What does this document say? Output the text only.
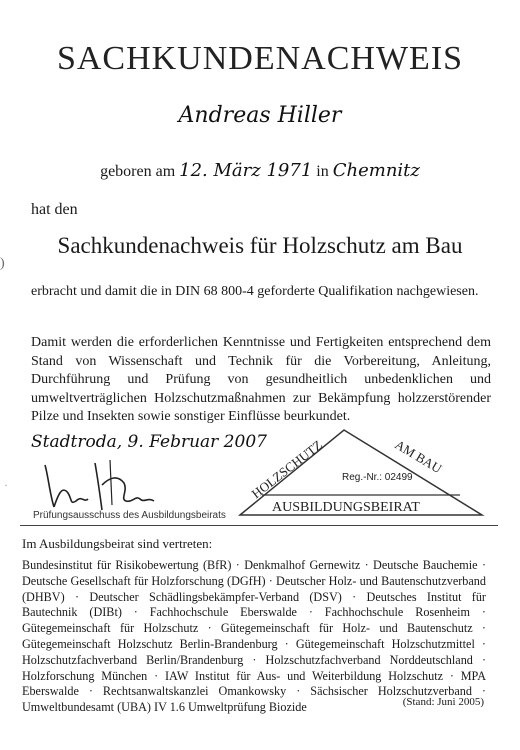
SACHKUNDENACHWEIS
Andreas Hiller
geboren am 12. März 1971 in Chemnitz
hat den
)
Sachkundenachweis für Holzschutz am Bau
erbracht und damit die in DIN 68 800-4 geforderte Qualifikation nachgewiesen.
Damit werden die erforderlichen Kenntnisse und Fertigkeiten entsprechend dem Stand von Wissenschaft und Technik für die Vorbereitung, Anleitung, Durchführung und Prüfung von gesundheitlich unbedenklichen und umweltverträglichen Holzschutzmaßnahmen zur Bekämpfung holzzerstörender Pilze und Insekten sowie sonstiger Einflüsse beurkundet.
Stadtroda, 9. Februar 2007
Prüfungsausschuss des Ausbildungsbeirats
HOLZSCHUTZ	AM BAU
Reg.-Nr.: 02499
AUSBILDUNGSBEIRAT
·
Im Ausbildungsbeirat sind vertreten:
Bundesinstitut für Risikobewertung (BfR) · Denkmalhof Gernewitz · Deutsche Bauchemie · Deutsche Gesellschaft für Holzforschung (DGfH) · Deutscher Holz- und Bautenschutzverband (DHBV) · Deutscher Schädlingsbekämpfer-Verband (DSV) · Deutsches Institut für Bautechnik (DIBt) · Fachhochschule Eberswalde · Fachhochschule Rosenheim · Gütegemeinschaft für Holzschutz · Gütegemeinschaft für Holz- und Bautenschutz · Gütegemeinschaft Holzschutz Berlin-Brandenburg · Gütegemeinschaft Holzschutzmittel · Holzschutzfachverband Berlin/Brandenburg · Holzschutzfachverband Norddeutschland · Holzforschung München · IAW Institut für Aus- und Weiterbildung Holzschutz · MPA Eberswalde · Rechtsanwaltskanzlei Omankowsky · Sächsischer Holzschutzverband · Umweltbundesamt (UBA) IV 1.6 Umweltprüfung Biozide	(Stand: Juni 2005)
